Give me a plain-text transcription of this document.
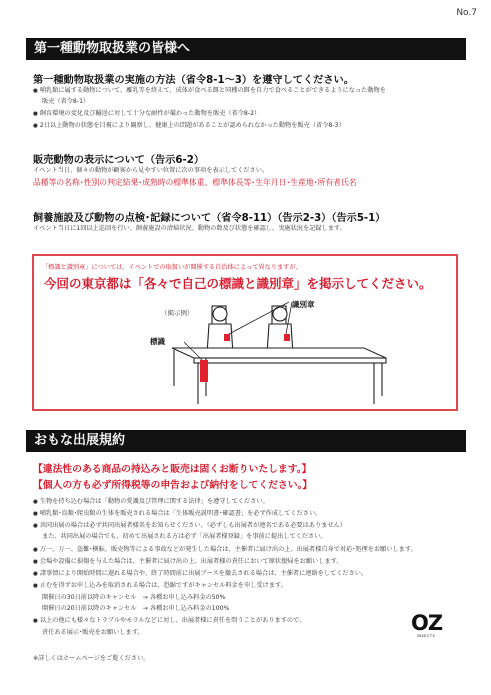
No.7
第一種動物取扱業の皆様へ
第一種動物取扱業の実施の方法（省令8-1〜3）を遵守してください。
● 哺乳類に属する動物について、離乳等を終えて、成体が食べる餌と同種の餌を自力で食べることができるようになった動物を
販売（省令8-1）
● 飼育環境の変化及び輸送に対して十分な耐性が備わった動物を販売（省令8-2）
● 2日以上動物の状態を目視により観察し、健康上の問題があることが認められなかった動物を販売（省令8-3）
販売動物の表示について（告示6-2）
イベント当日、個々の動物が顧客から見やすい位置に次の事項を表示してください。
品種等の名称･性別の判定結果･成熟時の標準体重、標準体長等･生年月日･生産地･所有者氏名
飼養施設及び動物の点検･記録について（省令8-11）（告示2-3）（告示5-1）
イベント当日に1回以上巡回を行い、飼養施設の清掃状況、動物の数及び状態を確認し、実施状況を記録します。
「標識と識別章」については、イベントでの取扱いが開催する自治体によって異なりますが、
今回の東京都は「各々で自己の標識と識別章」を掲示してください。
（掲示例）
識別章
標識
おもな出展規約
【違法性のある商品の持込みと販売は固くお断りいたします。】
【個人の方も必ず所得税等の申告および納付をしてください。】
● 生物を持ち込む場合は「動物の愛護及び管理に関する法律」を遵守してください。
● 哺乳類･鳥類･爬虫類の生体を販売される場合は「生体販売説明書･確認書」を必ず作成してください。
● 共同出展の場合は必ず共同出展者様名をお知らせください。（必ずしも出展者が連名である必要はありません）
また、共同出展の場合でも、初めて出展される方は必ず「出展者様登録」を事前に提出してください。
● 万一、万一、盗難･横転、販売物等による事故などが発生した場合は、主催者に届け出の上、出展者様自身で対応･処理をお願いします。
● 会場や設備に損傷を与えた場合は、主催者に届け出の上、出展者様の責任において原状復帰をお願いします。
● 諸事情により開始時間に遅れる場合や、終了時間前に出展ブースを撤去される場合は、主催者に連絡をしてください。
● 止むを得ずお申し込みを取消される場合は、恐縮ですがキャンセル料金を申し受けます。
開催日の30日前以降のキャンセル　→ 各種お申し込み料金の50%
開催日の20日前以降のキャンセル　→ 各種お申し込み料金の100%
● 以上の他にも様々なトラブルやモラルなどに対し、出展者様に責任を問うことがありますので、
責任ある展示･販売をお願いします。
※詳しくはホームページをご覧ください。
OZ
INSECTS
